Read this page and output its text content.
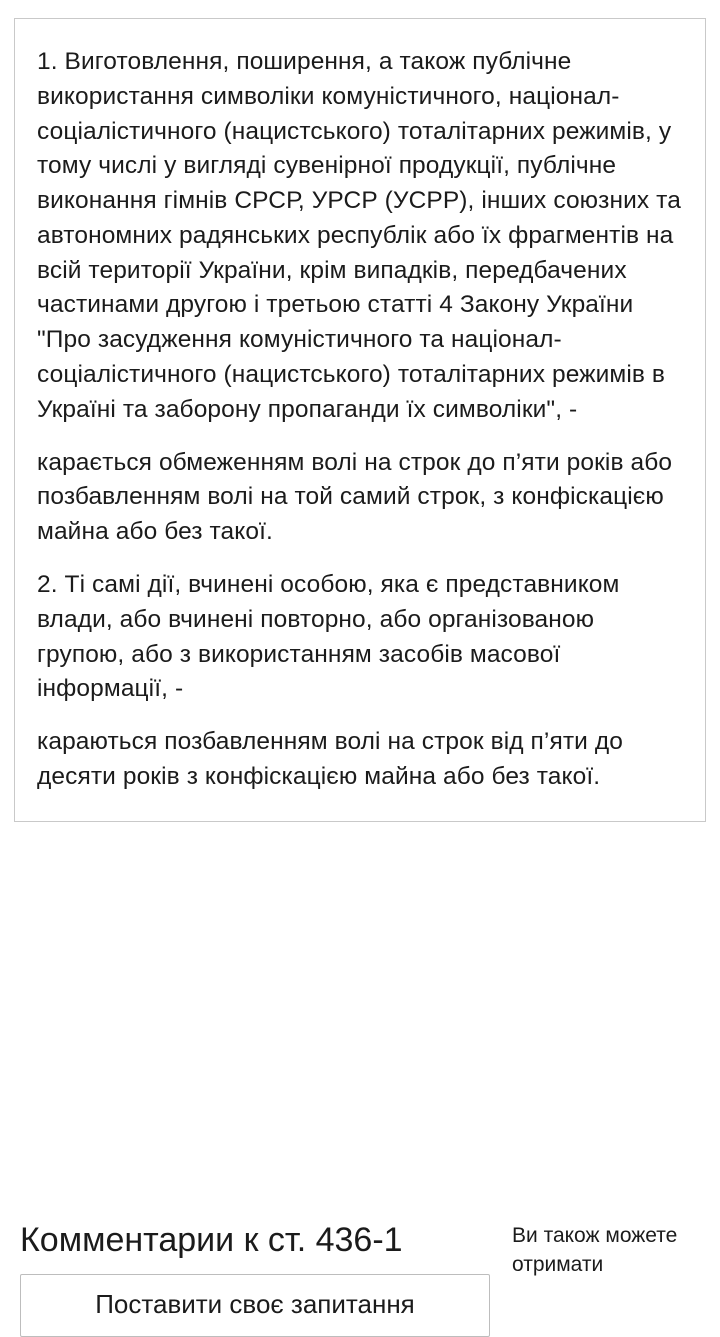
1. Виготовлення, поширення, а також публічне використання символіки комуністичного, націонал-соціалістичного (нацистського) тоталітарних режимів, у тому числі у вигляді сувенірної продукції, публічне виконання гімнів СРСР, УРСР (УСРР), інших союзних та автономних радянських республік або їх фрагментів на всій території України, крім випадків, передбачених частинами другою і третьою статті 4 Закону України "Про засудження комуністичного та націонал-соціалістичного (нацистського) тоталітарних режимів в Україні та заборону пропаганди їх символіки", -

карається обмеженням волі на строк до п’яти років або позбавленням волі на той самий строк, з конфіскацією майна або без такої.

2. Ті самі дії, вчинені особою, яка є представником влади, або вчинені повторно, або організованою групою, або з використанням засобів масової інформації, -

караються позбавленням волі на строк від п’яти до десяти років з конфіскацією майна або без такої.

Комментарии к ст. 436-1
Поставити своє запитання

Ви також можете отримати
